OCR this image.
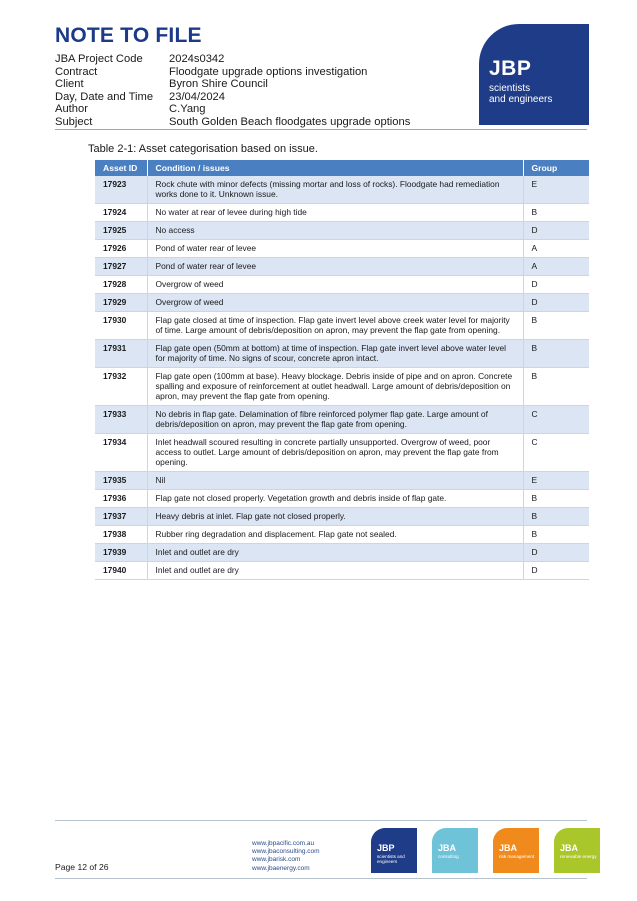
NOTE TO FILE
JBA Project Code	2024s0342
Contract	Floodgate upgrade options investigation
Client	Byron Shire Council
Day, Date and Time	23/04/2024
Author	C.Yang
Subject	South Golden Beach floodgates upgrade options
JBP
scientists
and engineers
Table 2-1: Asset categorisation based on issue.
Asset ID	Condition / issues	Group
17923	Rock chute with minor defects (missing mortar and loss of rocks). Floodgate had remediation works done to it. Unknown issue.	E
17924	No water at rear of levee during high tide	B
17925	No access	D
17926	Pond of water rear of levee	A
17927	Pond of water rear of levee	A
17928	Overgrow of weed	D
17929	Overgrow of weed	D
17930	Flap gate closed at time of inspection. Flap gate invert level above creek water level for majority of time. Large amount of debris/deposition on apron, may prevent the flap gate from opening.	B
17931	Flap gate open (50mm at bottom) at time of inspection. Flap gate invert level above water level for majority of time. No signs of scour, concrete apron intact.	B
17932	Flap gate open (100mm at base). Heavy blockage. Debris inside of pipe and on apron. Concrete spalling and exposure of reinforcement at outlet headwall. Large amount of debris/deposition on apron, may prevent the flap gate from opening.	B
17933	No debris in flap gate. Delamination of fibre reinforced polymer flap gate. Large amount of debris/deposition on apron, may prevent the flap gate from opening.	C
17934	Inlet headwall scoured resulting in concrete partially unsupported. Overgrow of weed, poor access to outlet. Large amount of debris/deposition on apron, may prevent the flap gate from opening.	C
17935	Nil	E
17936	Flap gate not closed properly. Vegetation growth and debris inside of flap gate.	B
17937	Heavy debris at inlet. Flap gate not closed properly.	B
17938	Rubber ring degradation and displacement. Flap gate not sealed.	B
17939	Inlet and outlet are dry	D
17940	Inlet and outlet are dry	D
Page 12 of 26
www.jbpacific.com.au
www.jbaconsulting.com
www.jbarisk.com
www.jbaenergy.com
JBP
scientists and engineers
JBA
consulting
JBA
risk management
JBA
renewable energy
